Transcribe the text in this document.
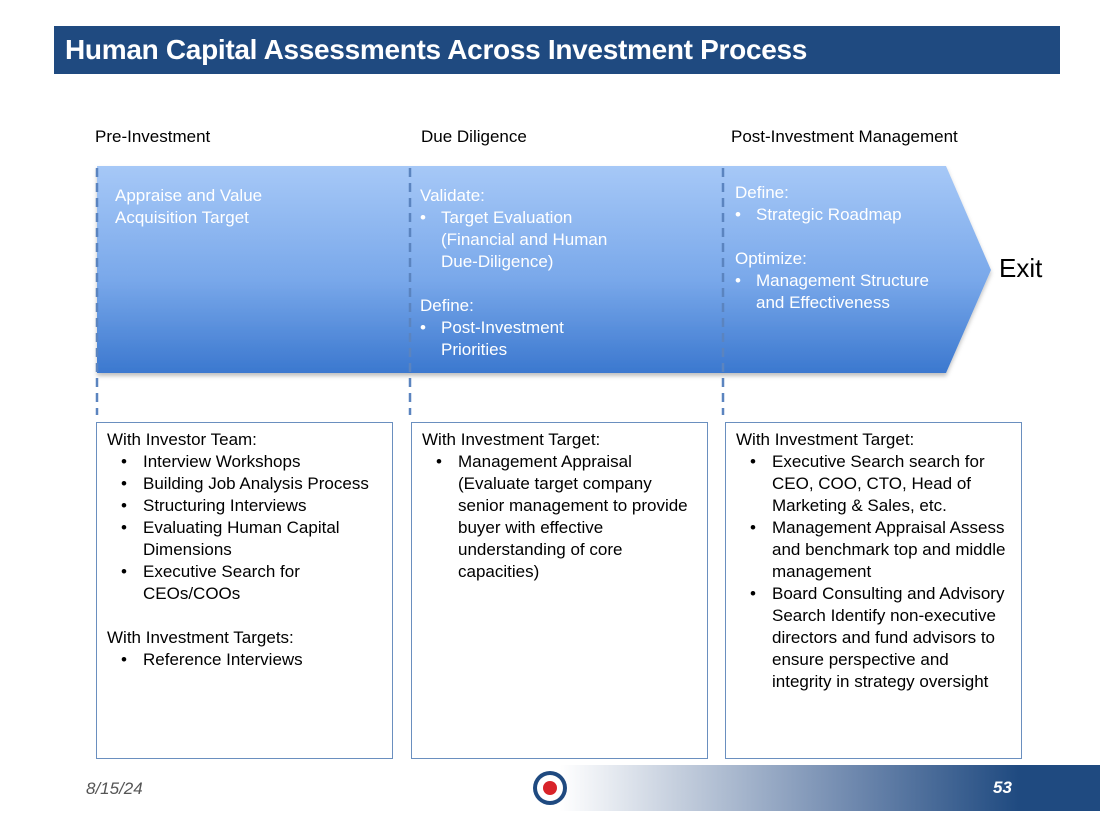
Human Capital Assessments Across Investment Process
Pre-Investment	Due Diligence	Post-Investment Management
Appraise and Value
Acquisition Target
Validate:
• Target Evaluation
(Financial and Human
Due-Diligence)
Define:
• Post-Investment
Priorities
Define:
• Strategic Roadmap
Optimize:
• Management Structure
and Effectiveness
Exit
With Investor Team:
• Interview Workshops
• Building Job Analysis Process
• Structuring Interviews
• Evaluating Human Capital Dimensions
• Executive Search for CEOs/COOs
With Investment Targets:
• Reference Interviews
With Investment Target:
• Management Appraisal (Evaluate target company senior management to provide buyer with effective understanding of core capacities)
With Investment Target:
• Executive Search search for CEO, COO, CTO, Head of Marketing & Sales, etc.
• Management Appraisal Assess and benchmark top and middle management
• Board Consulting and Advisory Search Identify non-executive directors and fund advisors to ensure perspective and integrity in strategy oversight
8/15/24	53
